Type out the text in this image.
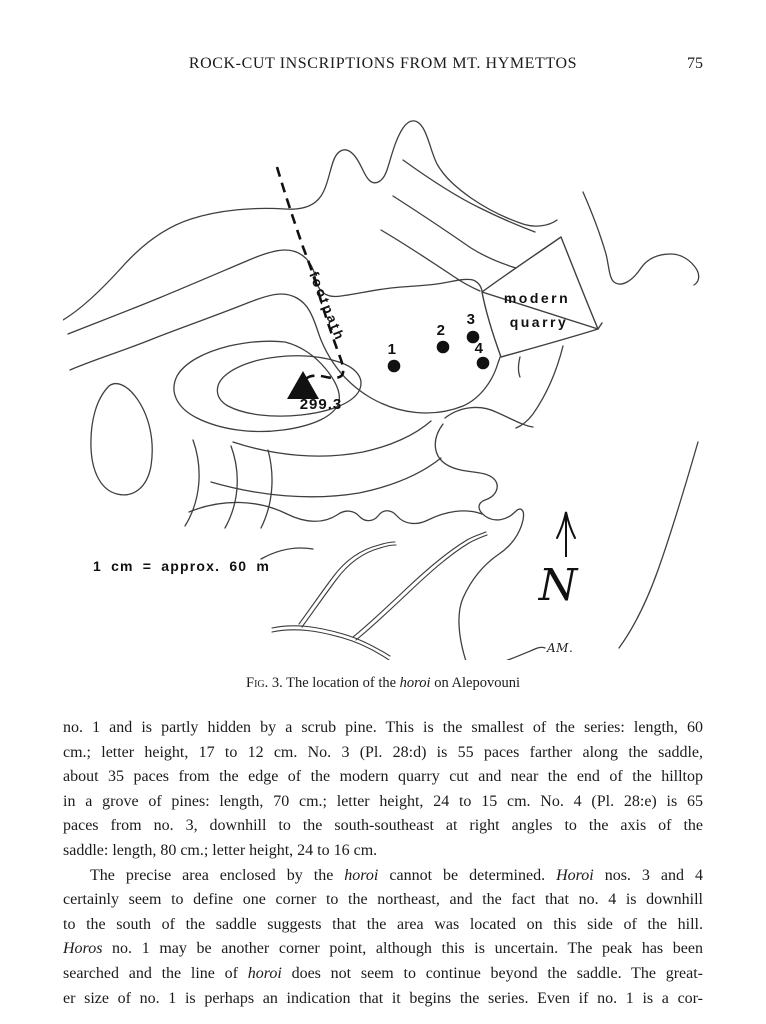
ROCK-CUT INSCRIPTIONS FROM MT. HYMETTOS	75
299.3
1
2
3
4
footpath	modern
quarry
1 cm = approx. 60 m	N
AM.
Fig. 3. The location of the horoi on Alepovouni
no. 1 and is partly hidden by a scrub pine. This is the smallest of the series: length, 60
cm.; letter height, 17 to 12 cm. No. 3 (Pl. 28:d) is 55 paces farther along the saddle,
about 35 paces from the edge of the modern quarry cut and near the end of the hilltop
in a grove of pines: length, 70 cm.; letter height, 24 to 15 cm. No. 4 (Pl. 28:e) is 65
paces from no. 3, downhill to the south-southeast at right angles to the axis of the
saddle: length, 80 cm.; letter height, 24 to 16 cm.
The precise area enclosed by the horoi cannot be determined. Horoi nos. 3 and 4
certainly seem to define one corner to the northeast, and the fact that no. 4 is downhill
to the south of the saddle suggests that the area was located on this side of the hill.
Horos no. 1 may be another corner point, although this is uncertain. The peak has been
searched and the line of horoi does not seem to continue beyond the saddle. The great-
er size of no. 1 is perhaps an indication that it begins the series. Even if no. 1 is a cor-
